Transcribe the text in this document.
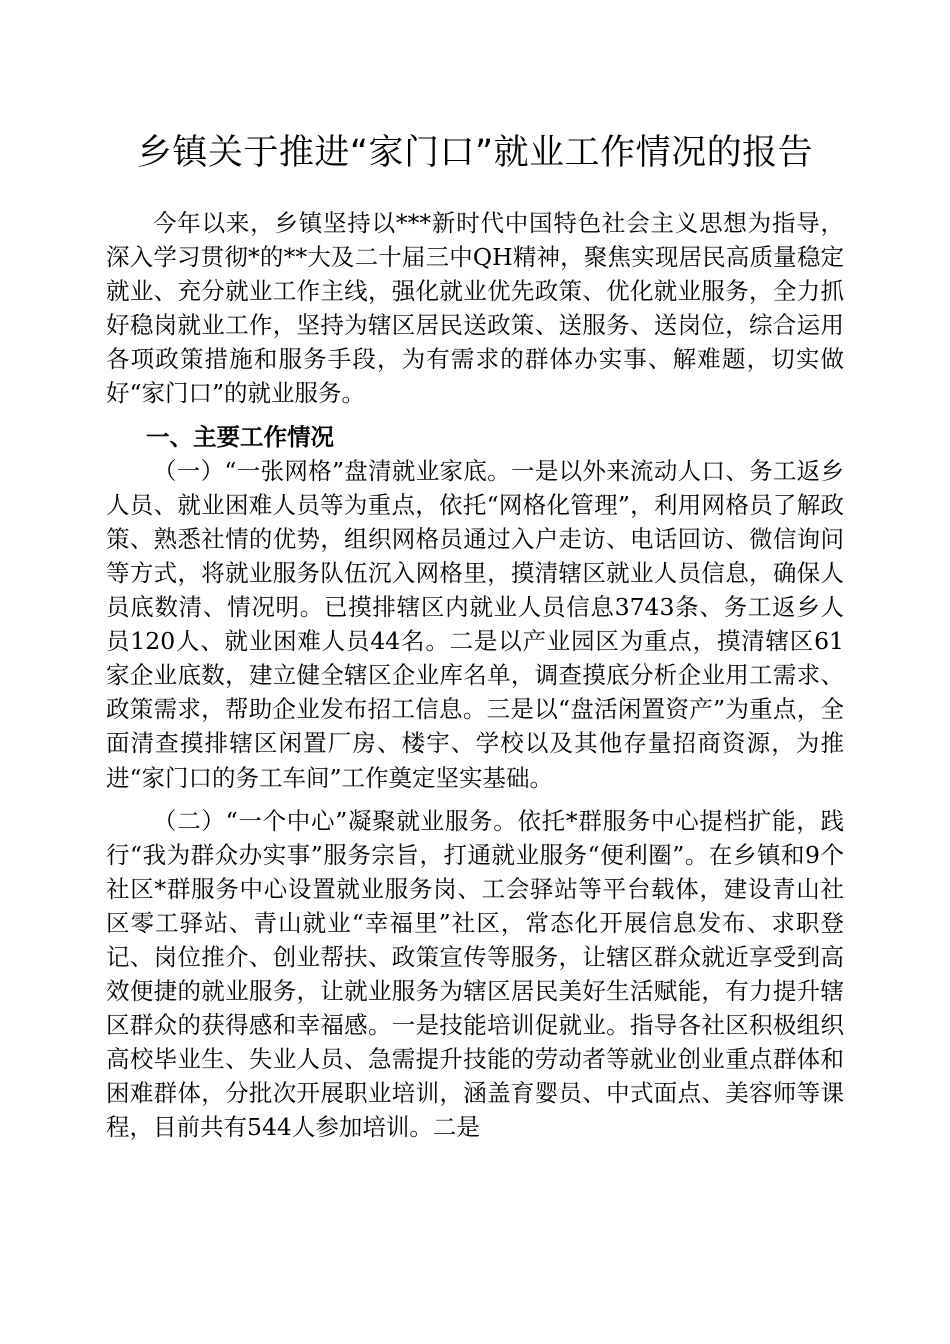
乡镇关于推进“家门口”就业工作情况的报告

今年以来，乡镇坚持以***新时代中国特色社会主义思想为指导，深入学习贯彻*的**大及二十届三中QH精神，聚焦实现居民高质量稳定就业、充分就业工作主线，强化就业优先政策、优化就业服务，全力抓好稳岗就业工作，坚持为辖区居民送政策、送服务、送岗位，综合运用各项政策措施和服务手段，为有需求的群体办实事、解难题，切实做好“家门口”的就业服务。

一、主要工作情况

（一）“一张网格”盘清就业家底。一是以外来流动人口、务工返乡人员、就业困难人员等为重点，依托“网格化管理”，利用网格员了解政策、熟悉社情的优势，组织网格员通过入户走访、电话回访、微信询问等方式，将就业服务队伍沉入网格里，摸清辖区就业人员信息，确保人员底数清、情况明。已摸排辖区内就业人员信息3743条、务工返乡人员120人、就业困难人员44名。二是以产业园区为重点，摸清辖区61家企业底数，建立健全辖区企业库名单，调查摸底分析企业用工需求、政策需求，帮助企业发布招工信息。三是以“盘活闲置资产”为重点，全面清查摸排辖区闲置厂房、楼宇、学校以及其他存量招商资源，为推进“家门口的务工车间”工作奠定坚实基础。

（二）“一个中心”凝聚就业服务。依托*群服务中心提档扩能，践行“我为群众办实事”服务宗旨，打通就业服务“便利圈”。在乡镇和9个社区*群服务中心设置就业服务岗、工会驿站等平台载体，建设青山社区零工驿站、青山就业“幸福里”社区，常态化开展信息发布、求职登记、岗位推介、创业帮扶、政策宣传等服务，让辖区群众就近享受到高效便捷的就业服务，让就业服务为辖区居民美好生活赋能，有力提升辖区群众的获得感和幸福感。一是技能培训促就业。指导各社区积极组织高校毕业生、失业人员、急需提升技能的劳动者等就业创业重点群体和困难群体，分批次开展职业培训，涵盖育婴员、中式面点、美容师等课程，目前共有544人参加培训。二是
